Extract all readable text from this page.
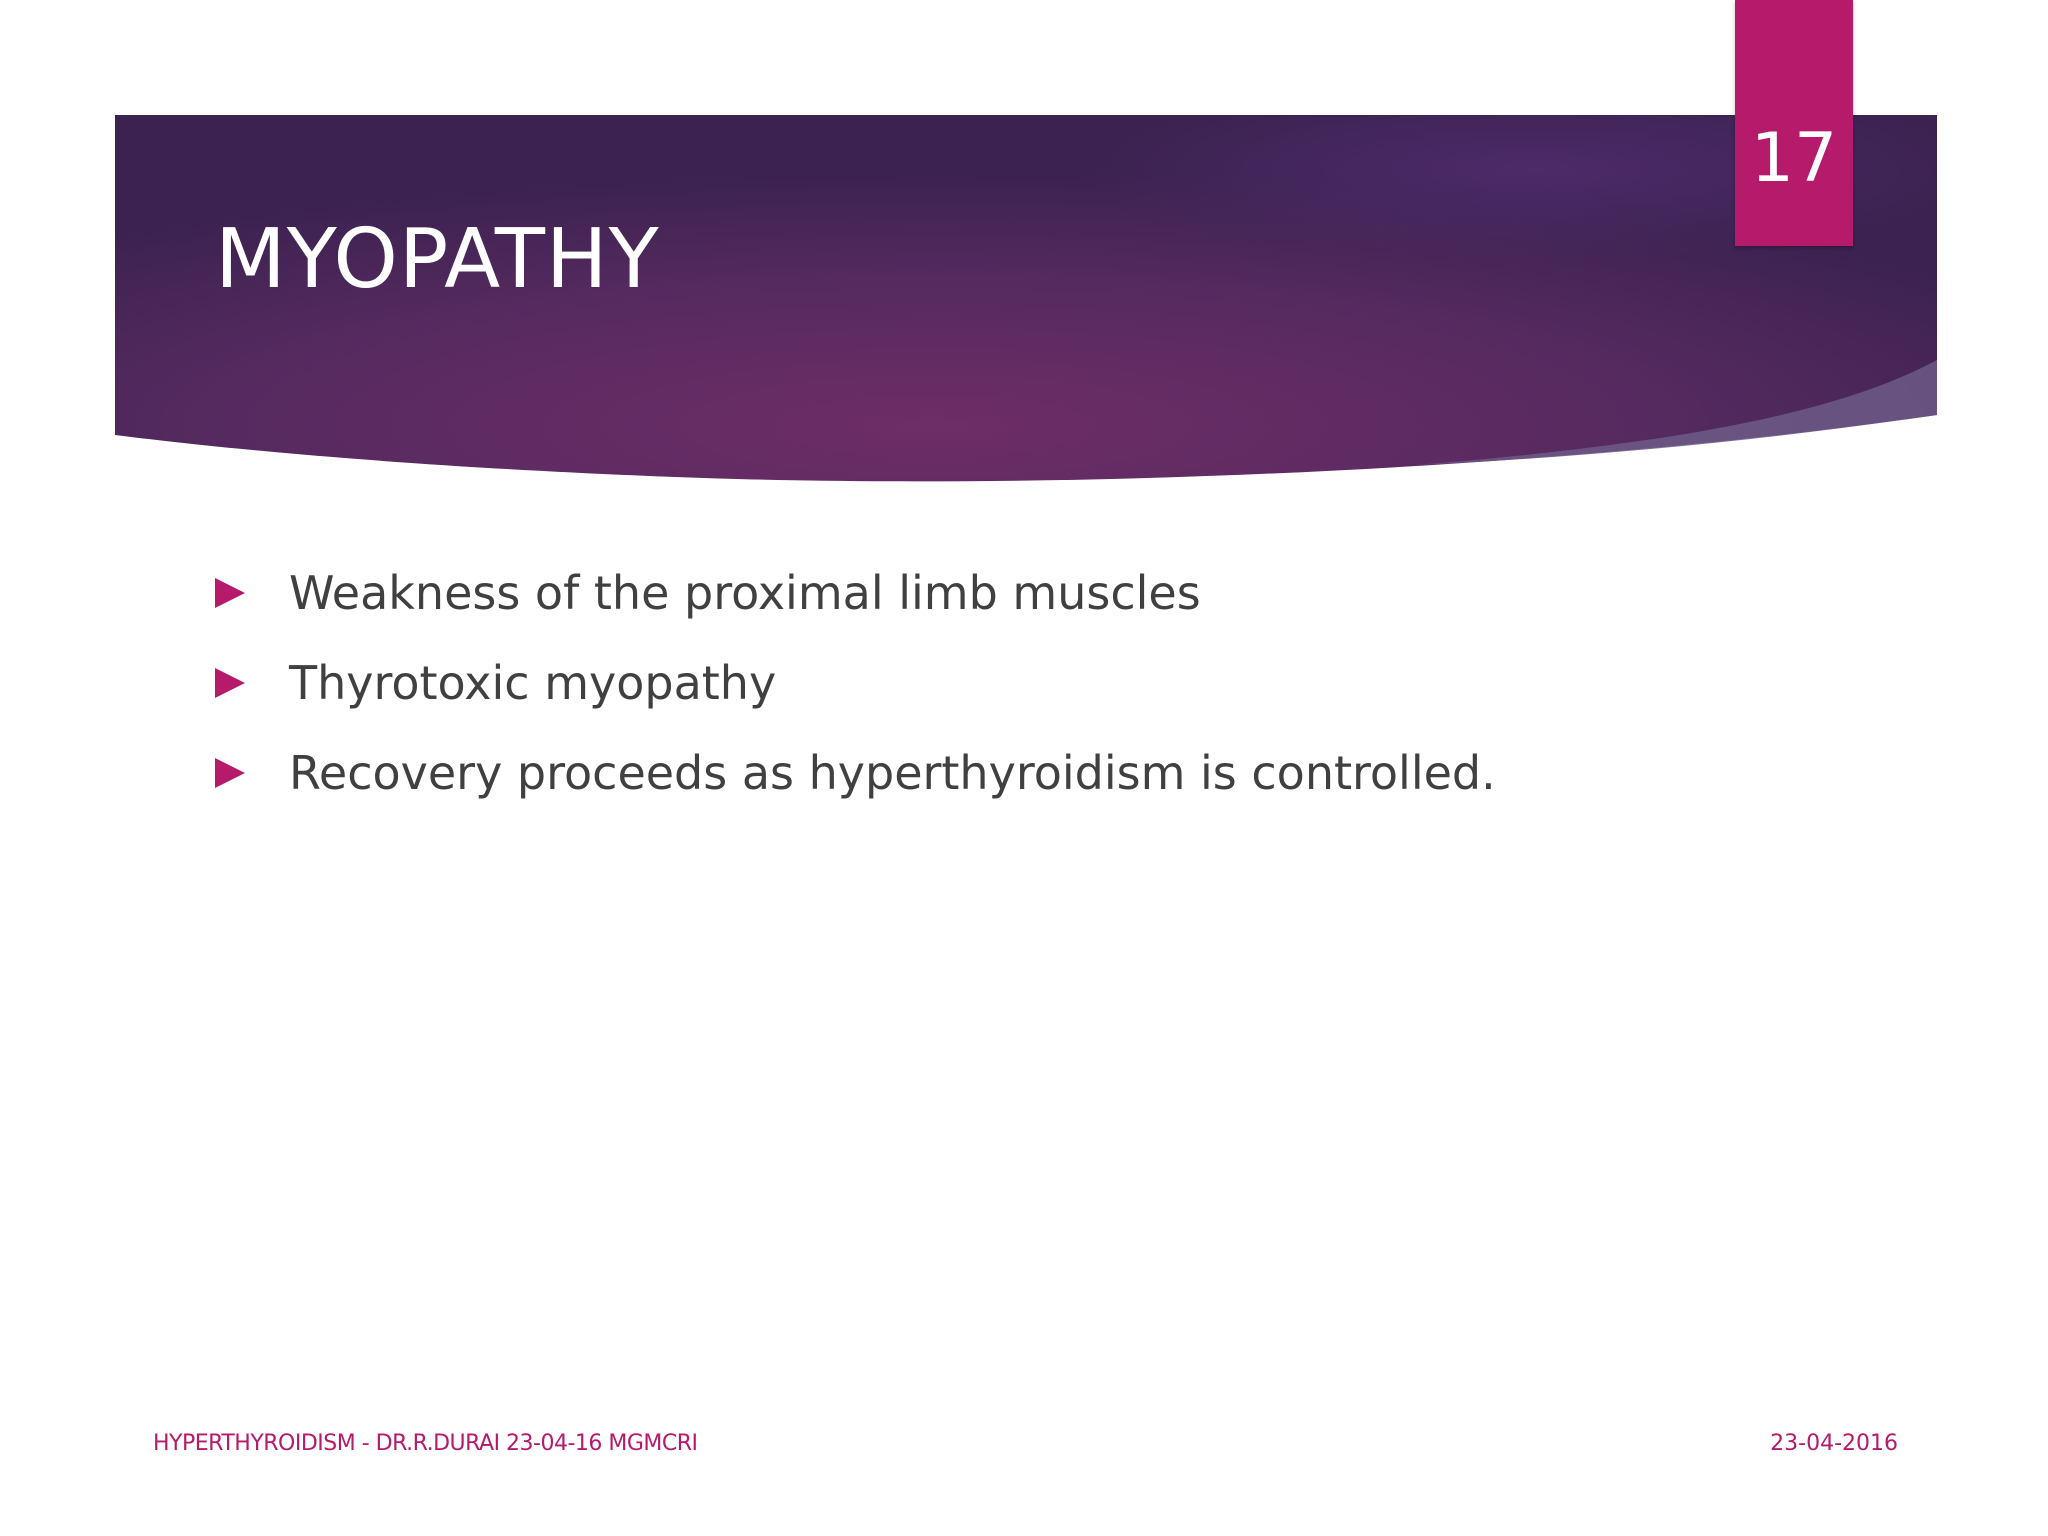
MYOPATHY
17
Weakness of the proximal limb muscles
Thyrotoxic myopathy
Recovery proceeds as hyperthyroidism is controlled.
HYPERTHYROIDISM - DR.R.DURAI 23-04-16 MGMCRI	23-04-2016
